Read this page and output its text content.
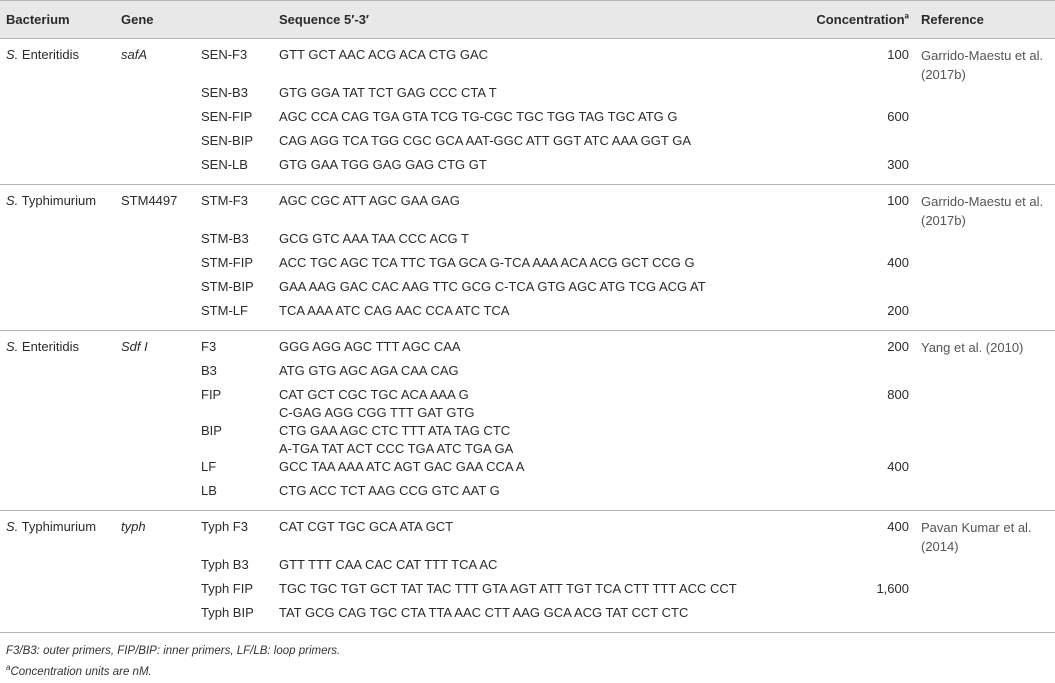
Bacterium	Gene		Sequence 5′-3′	Concentration$^a$	Reference
S. Enteritidis	safA	SEN-F3	GTT GCT AAC ACG ACA CTG GAC	100	Garrido-Maestu et al.
(2017b)

		SEN-B3	GTG GGA TAT TCT GAG CCC CTA T		

		SEN-FIP	AGC CCA CAG TGA GTA TCG TG-CGC TGC TGG TAG TGC ATG G	600	
		SEN-BIP	CAG AGG TCA TGG CGC GCA AAT-GGC ATT GGT ATC AAA GGT GA		

		SEN-LB	GTG GAA TGG GAG GAG CTG GT	300	
S. Typhimurium	STM4497	STM-F3	AGC CGC ATT AGC GAA GAG	100	Garrido-Maestu et al.
(2017b)

		STM-B3	GCG GTC AAA TAA CCC ACG T		

		STM-FIP	ACC TGC AGC TCA TTC TGA GCA G-TCA AAA ACA ACG GCT CCG G	400	
		STM-BIP	GAA AAG GAC CAC AAG TTC GCG C-TCA GTG AGC ATG TCG ACG AT		

		STM-LF	TCA AAA ATC CAG AAC CCA ATC TCA	200	
S. Enteritidis	Sdf I	F3	GGG AGG AGC TTT AGC CAA	200	Yang et al. (2010)

		B3	ATG GTG AGC AGA CAA CAG		

		FIP	CAT GCT CGC TGC ACA AAA G
C-GAG AGG CGG TTT GAT GTG	800	
		BIP	CTG GAA AGC CTC TTT ATA TAG CTC
A-TGA TAT ACT CCC TGA ATC TGA GA		

		LF	GCC TAA AAA ATC AGT GAC GAA CCA A	400	
		LB	CTG ACC TCT AAG CCG GTC AAT G		

S. Typhimurium	typh	Typh F3	CAT CGT TGC GCA ATA GCT	400	Pavan Kumar et al.
(2014)

		Typh B3	GTT TTT CAA CAC CAT TTT TCA AC		

		Typh FIP	TGC TGC TGT GCT TAT TAC TTT GTA AGT ATT TGT TCA CTT TTT ACC CCT	1,600	
		Typh BIP	TAT GCG CAG TGC CTA TTA AAC CTT AAG GCA ACG TAT CCT CTC		

F3/B3: outer primers, FIP/BIP: inner primers, LF/LB: loop primers.
$^a$Concentration units are nM.
